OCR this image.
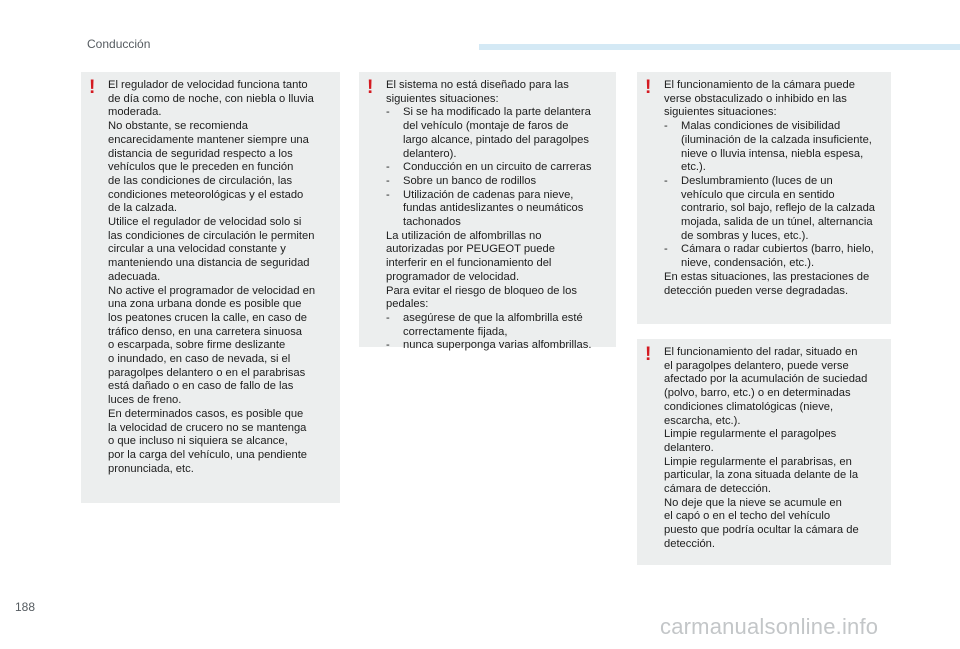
Conducción
! El regulador de velocidad funciona tanto
de día como de noche, con niebla o lluvia
moderada.
No obstante, se recomienda
encarecidamente mantener siempre una
distancia de seguridad respecto a los
vehículos que le preceden en función
de las condiciones de circulación, las
condiciones meteorológicas y el estado
de la calzada.
Utilice el regulador de velocidad solo si
las condiciones de circulación le permiten
circular a una velocidad constante y
manteniendo una distancia de seguridad
adecuada.
No active el programador de velocidad en
una zona urbana donde es posible que
los peatones crucen la calle, en caso de
tráfico denso, en una carretera sinuosa
o escarpada, sobre firme deslizante
o inundado, en caso de nevada, si el
paragolpes delantero o en el parabrisas
está dañado o en caso de fallo de las
luces de freno.
En determinados casos, es posible que
la velocidad de crucero no se mantenga
o que incluso ni siquiera se alcance,
por la carga del vehículo, una pendiente
pronunciada, etc.
! El sistema no está diseñado para las
siguientes situaciones:
-	Si se ha modificado la parte delantera
del vehículo (montaje de faros de
largo alcance, pintado del paragolpes
delantero).
-	Conducción en un circuito de carreras
-	Sobre un banco de rodillos
-	Utilización de cadenas para nieve,
fundas antideslizantes o neumáticos
tachonados
La utilización de alfombrillas no
autorizadas por PEUGEOT puede
interferir en el funcionamiento del
programador de velocidad.
Para evitar el riesgo de bloqueo de los
pedales:
-	asegúrese de que la alfombrilla esté
correctamente fijada,
-	nunca superponga varias alfombrillas.
! El funcionamiento de la cámara puede
verse obstaculizado o inhibido en las
siguientes situaciones:
-	Malas condiciones de visibilidad
(iluminación de la calzada insuficiente,
nieve o lluvia intensa, niebla espesa,
etc.).
-	Deslumbramiento (luces de un
vehículo que circula en sentido
contrario, sol bajo, reflejo de la calzada
mojada, salida de un túnel, alternancia
de sombras y luces, etc.).
-	Cámara o radar cubiertos (barro, hielo,
nieve, condensación, etc.).
En estas situaciones, las prestaciones de
detección pueden verse degradadas.
! El funcionamiento del radar, situado en
el paragolpes delantero, puede verse
afectado por la acumulación de suciedad
(polvo, barro, etc.) o en determinadas
condiciones climatológicas (nieve,
escarcha, etc.).
Limpie regularmente el paragolpes
delantero.
Limpie regularmente el parabrisas, en
particular, la zona situada delante de la
cámara de detección.
No deje que la nieve se acumule en
el capó o en el techo del vehículo
puesto que podría ocultar la cámara de
detección.
188
carmanualsonline.info
